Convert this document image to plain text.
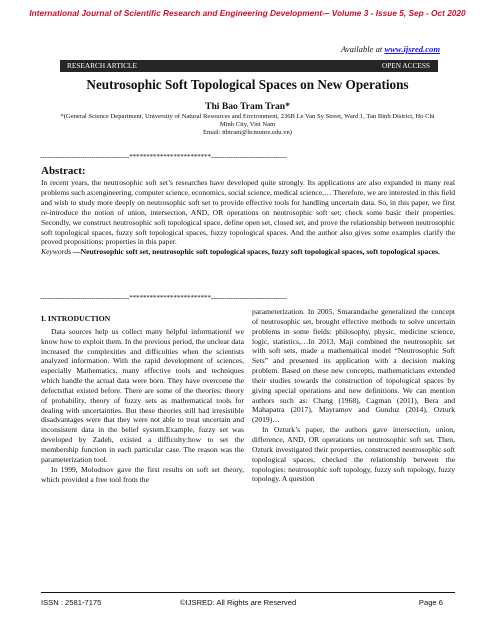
International Journal of Scientific Research and Engineering Development-– Volume 3 - Issue 5, Sep - Oct 2020
Available at www.ijsred.com
RESEARCH ARTICLE	OPEN ACCESS
Neutrosophic Soft Topological Spaces on New Operations
Thi Bao Tram Tran*
*(General Science Department, University of Natural Resources and Environment, 236B Le Van Sy Street, Ward 1, Tan Binh District, Ho Chi Minh City, Viet Nam
Email: ttbtram@hcmunre.edu.vn)
----------------------------------------************************----------------------------------
Abstract:
In recent years, the neutrosophic soft set’s researches have developed quite strongly. Its applications are also expanded in many real problems such as:engineering, computer science, economics, social science, medical science,… Therefore, we are interested in this field and wish to study more deeply on neutrosophic soft set to provide effective tools for handling uncertain data. So, in this paper, we first re-introduce the notion of union, intersection, AND, OR operations on neutrosophic soft set; check some basic their properties. Secondly, we construct neutrosophic soft topological space, define open set, closed set, and prove the relationship between neutrosophic soft topological spaces, fuzzy soft topological spaces, fuzzy topological spaces. And the author also gives some examples clarify the proved propositions; properties in this paper.
Keywords —Neutrosophic soft set, neutrosophic soft topological spaces, fuzzy soft topological spaces, soft topological spaces.
----------------------------------------************************----------------------------------
I. INTRODUCTION

Data sources help us collect many helpful informationif we know how to exploit them. In the previous period, the unclear data increased the complexities and difficulties when the scientists analyzed information. With the rapid development of sciences, especially Mathematics, many effective tools and techniques which handle the actual data were born. They have overcome the defectsthat existed before. There are some of the theories: theory of probability, theory of fuzzy sets as mathematical tools for dealing with uncertainties. But these theories still had irresistible disadvantages were that they were not able to treat uncertain and inconsistent data in the belief system.Example, fuzzy set was developed by Zadeh, existed a difficulty:how to set the membership function in each particular case. The reason was the parameterization tool.

In 1999, Molodtsov gave the first results on soft set theory, which provided a free tool from the

parameterization. In 2005, Smarandache generalized the concept of neutrosophic set, brought effective methods to solve uncertain problems in some fields: philosophy, physic, medicine science, logic, statistics,…In 2013, Maji combined the neutrosophic set with soft sets, made a mathematical model “Neutrosophic Soft Sets” and presented its application with a decision making problem. Based on these new concepts, mathematicians extended their studies towards the construction of topological spaces by giving special operations and new definitions. We can mention authors such as: Chang (1968), Cagman (2011), Bera and Mahapatra (2017), Mayramov and Gunduz (2014), Ozturk (2019)…

In Ozturk’s paper, the authors gave intersection, union, difference, AND, OR operations on neutrosophic soft set. Then, Ozturk investigated their properties, constructed neutrosophic soft topological spaces, checked the relationship between the topologies: neutrosophic soft topology, fuzzy soft topology, fuzzy topology. A question

ISSN : 2581-7175	©IJSRED: All Rights are Reserved	Page 6
